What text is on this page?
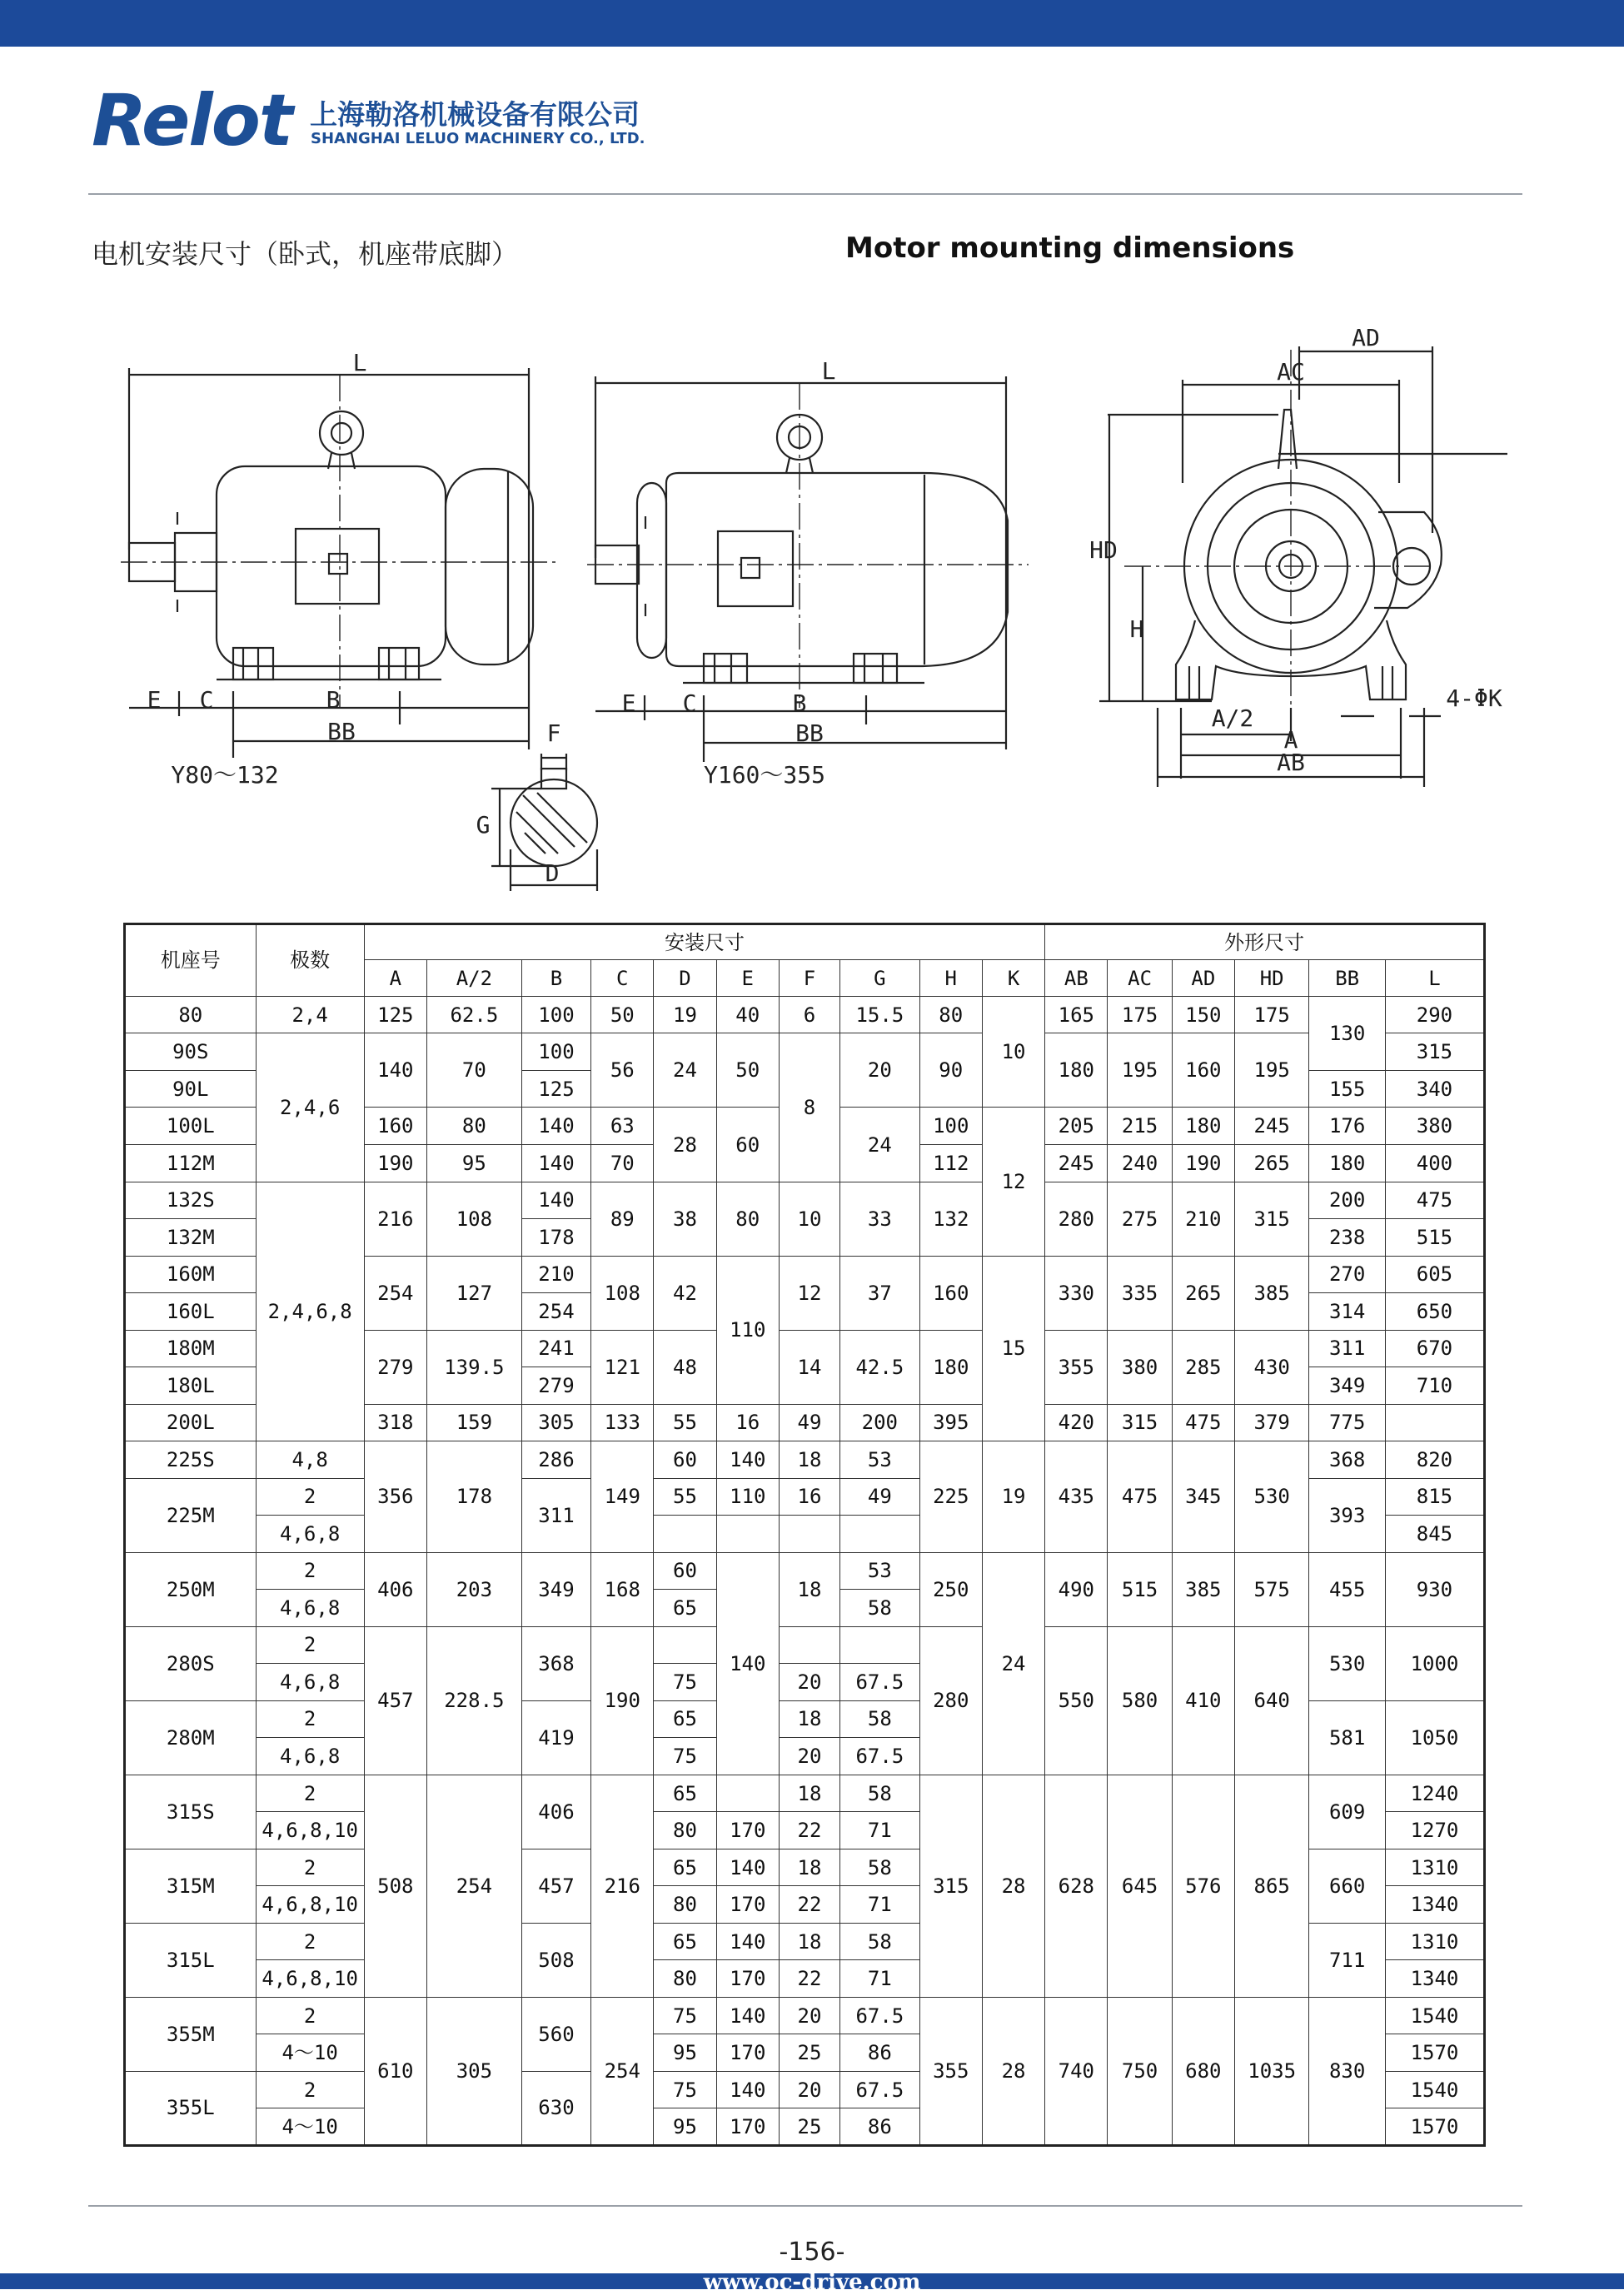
Relot 上海勒洛机械设备有限公司
SHANGHAI LELUO MACHINERY CO., LTD.
电机安装尺寸（卧式，机座带底脚）	Motor mounting dimensions
L
E C	B
BB
Y80～132
L
E C	B
BB
Y160～355
F
G
D
AD
AC
HD
H
A/2
A
AB
4-ΦK
机座号	极数	安装尺寸										外形尺寸					
		A	A/2	B	C	D	E	F	G	H	K	AB	AC	AD	HD	BB	L
80	2,4	125	62.5	100	50	19	40	6	15.5	80	10	165	175	150	175	130	290
90S	2,4,6	140	70	100	56	24	50	8	20	90		180	195	160	195		315
90L				125												155	340
100L		160	80	140	63	28	60		24	100	12	205	215	180	245	176	380
112M		190	95	140	70					112		245	240	190	265	180	400
132S	2,4,6,8	216	108	140	89	38	80	10	33	132		280	275	210	315	200	475
132M				178												238	515
160M		254	127	210	108	42	110	12	37	160	15	330	335	265	385	270	605
160L				254												314	650
180M		279	139.5	241	121	48		14	42.5	180		355	380	285	430	311	670
180L				279												349	710
200L		318	159	305	133	55	16	49	200	395		420	315	475	379	775	
225S	4,8	356	178	286	149	60	140	18	53	225	19	435	475	345	530	368	820
225M	2			311		55	110	16	49							393	815
	4,6,8																845
250M	2	406	203	349	168	60	140	18	53	250	24	490	515	385	575	455	930
	4,6,8					65			58								
280S	2	457	228.5	368	190					280		550	580	410	640	530	1000
	4,6,8					75		20	67.5								
280M	2			419		65		18	58							581	1050
	4,6,8					75		20	67.5								
315S	2	508	254	406	216	65		18	58	315	28	628	645	576	865	609	1240
	4,6,8,10					80	170	22	71								1270
315M	2			457		65	140	18	58							660	1310
	4,6,8,10					80	170	22	71								1340
315L	2			508		65	140	18	58							711	1310
	4,6,8,10					80	170	22	71								1340
355M	2	610	305	560	254	75	140	20	67.5	355	28	740	750	680	1035	830	1540
	4～10					95	170	25	86								1570
355L	2			630		75	140	20	67.5								1540
	4～10					95	170	25	86								1570
-156-
www.oc-drive.com
